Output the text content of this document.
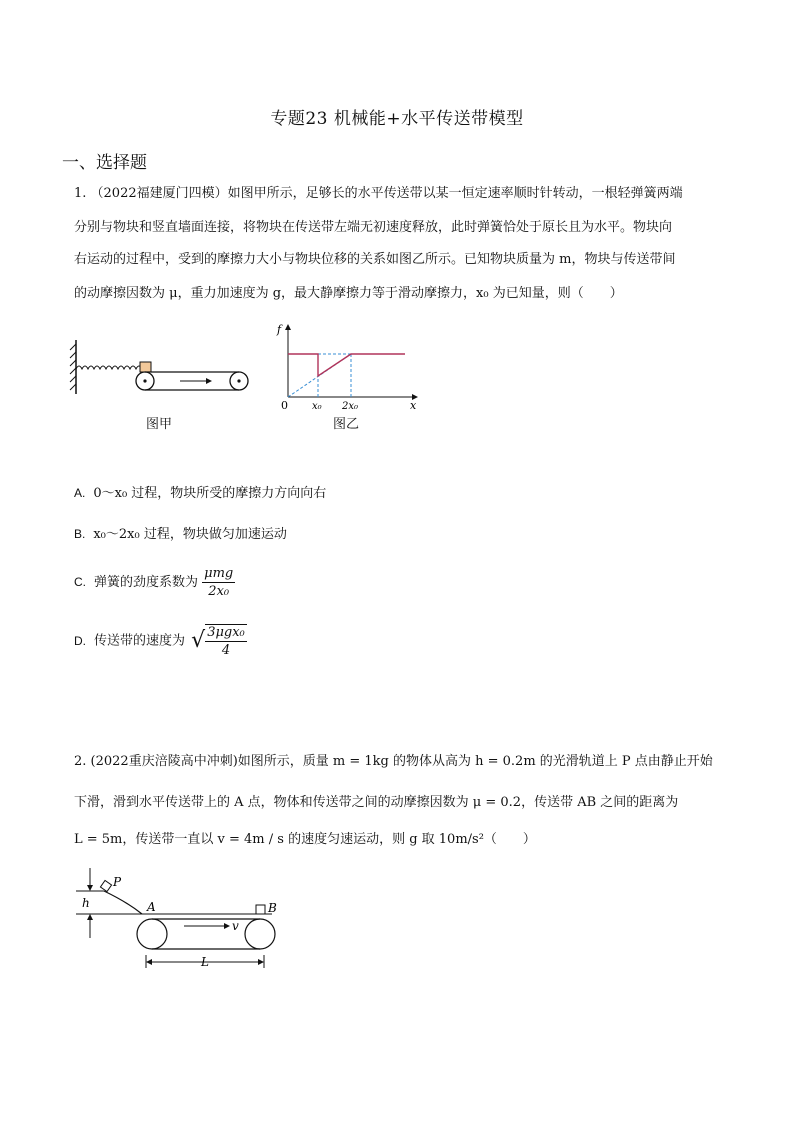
专题23 机械能+水平传送带模型
一、选择题
1. （2022福建厦门四模）如图甲所示，足够长的水平传送带以某一恒定速率顺时针转动，一根轻弹簧两端
分别与物块和竖直墙面连接，将物块在传送带左端无初速度释放，此时弹簧恰处于原长且为水平。物块向
右运动的过程中，受到的摩擦力大小与物块位移的关系如图乙所示。已知物块质量为 m，物块与传送带间
的动摩擦因数为 μ，重力加速度为 g，最大静摩擦力等于滑动摩擦力，x₀ 为已知量，则（　　）
图甲
f
x
0 x₀ 2x₀
图乙
A. 0～x₀ 过程，物块所受的摩擦力方向向右
B. x₀～2x₀ 过程，物块做匀加速运动
C. 弹簧的劲度系数为 $\frac{\text{μmg}}{\text{2x₀}}$
D. 传送带的速度为 √ $\frac{\text{3μgx₀}}{4}$
2. (2022重庆涪陵高中冲刺)如图所示，质量 m = 1kg 的物体从高为 h = 0.2m 的光滑轨道上 P 点由静止开始
下滑，滑到水平传送带上的 A 点，物体和传送带之间的动摩擦因数为 μ = 0.2，传送带 AB 之间的距离为
L = 5m，传送带一直以 v = 4m / s 的速度匀速运动，则 g 取 10m/s²（　　）
P
h	A	B
v
L
